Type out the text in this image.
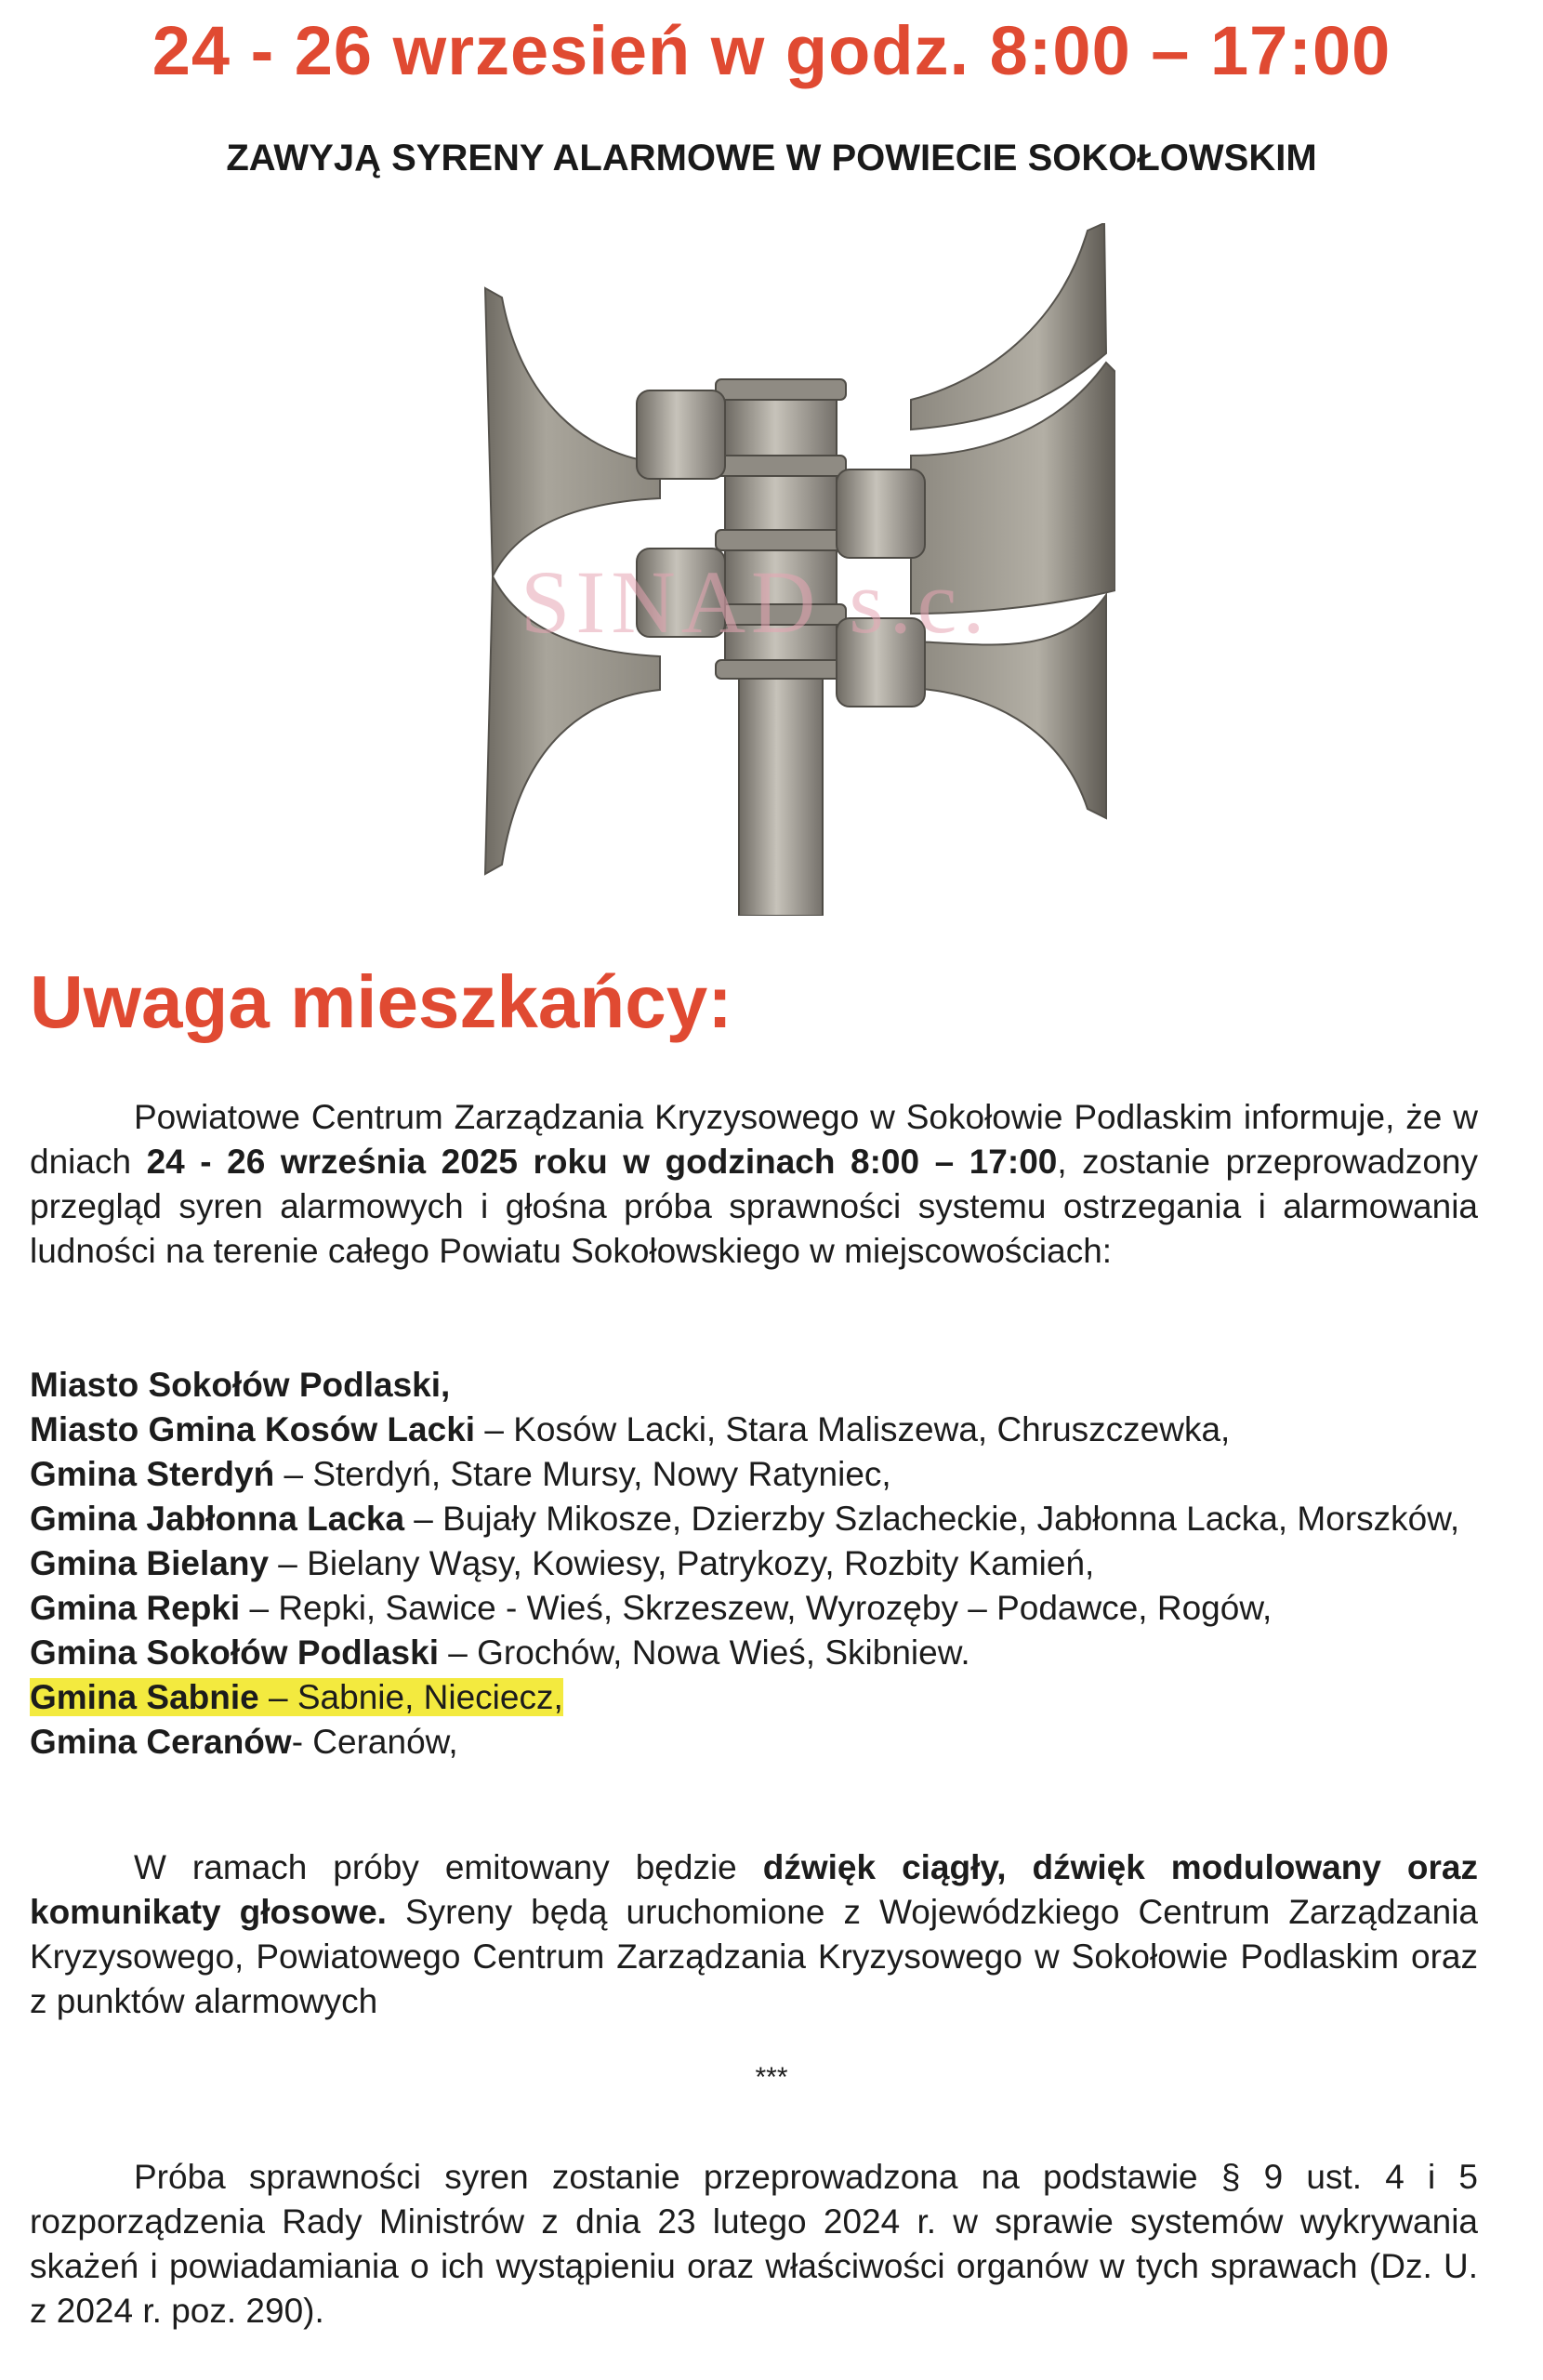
24 - 26 wrzesień w godz. 8:00 – 17:00
ZAWYJĄ SYRENY ALARMOWE W POWIECIE SOKOŁOWSKIM
SINAD s.c.
Uwaga mieszkańcy:
Powiatowe Centrum Zarządzania Kryzysowego w Sokołowie Podlaskim informuje, że w dniach 24 - 26 września 2025 roku w godzinach 8:00 – 17:00, zostanie przeprowadzony przegląd syren alarmowych i głośna próba sprawności systemu ostrzegania i alarmowania ludności na terenie całego Powiatu Sokołowskiego w miejscowościach:
Miasto Sokołów Podlaski,
Miasto Gmina Kosów Lacki – Kosów Lacki, Stara Maliszewa, Chruszczewka,
Gmina Sterdyń – Sterdyń, Stare Mursy, Nowy Ratyniec,
Gmina Jabłonna Lacka – Bujały Mikosze, Dzierzby Szlacheckie, Jabłonna Lacka, Morszków,
Gmina Bielany – Bielany Wąsy, Kowiesy, Patrykozy, Rozbity Kamień,
Gmina Repki – Repki, Sawice - Wieś, Skrzeszew, Wyrozęby – Podawce, Rogów,
Gmina Sokołów Podlaski – Grochów, Nowa Wieś, Skibniew.
Gmina Sabnie – Sabnie, Nieciecz,
Gmina Ceranów- Ceranów,
W ramach próby emitowany będzie dźwięk ciągły, dźwięk modulowany oraz komunikaty głosowe. Syreny będą uruchomione z Wojewódzkiego Centrum Zarządzania Kryzysowego, Powiatowego Centrum Zarządzania Kryzysowego w Sokołowie Podlaskim oraz z punktów alarmowych
***
Próba sprawności syren zostanie przeprowadzona na podstawie § 9 ust. 4 i 5 rozporządzenia Rady Ministrów z dnia 23 lutego 2024 r. w sprawie systemów wykrywania skażeń i powiadamiania o ich wystąpieniu oraz właściwości organów w tych sprawach (Dz. U. z 2024 r. poz. 290).
